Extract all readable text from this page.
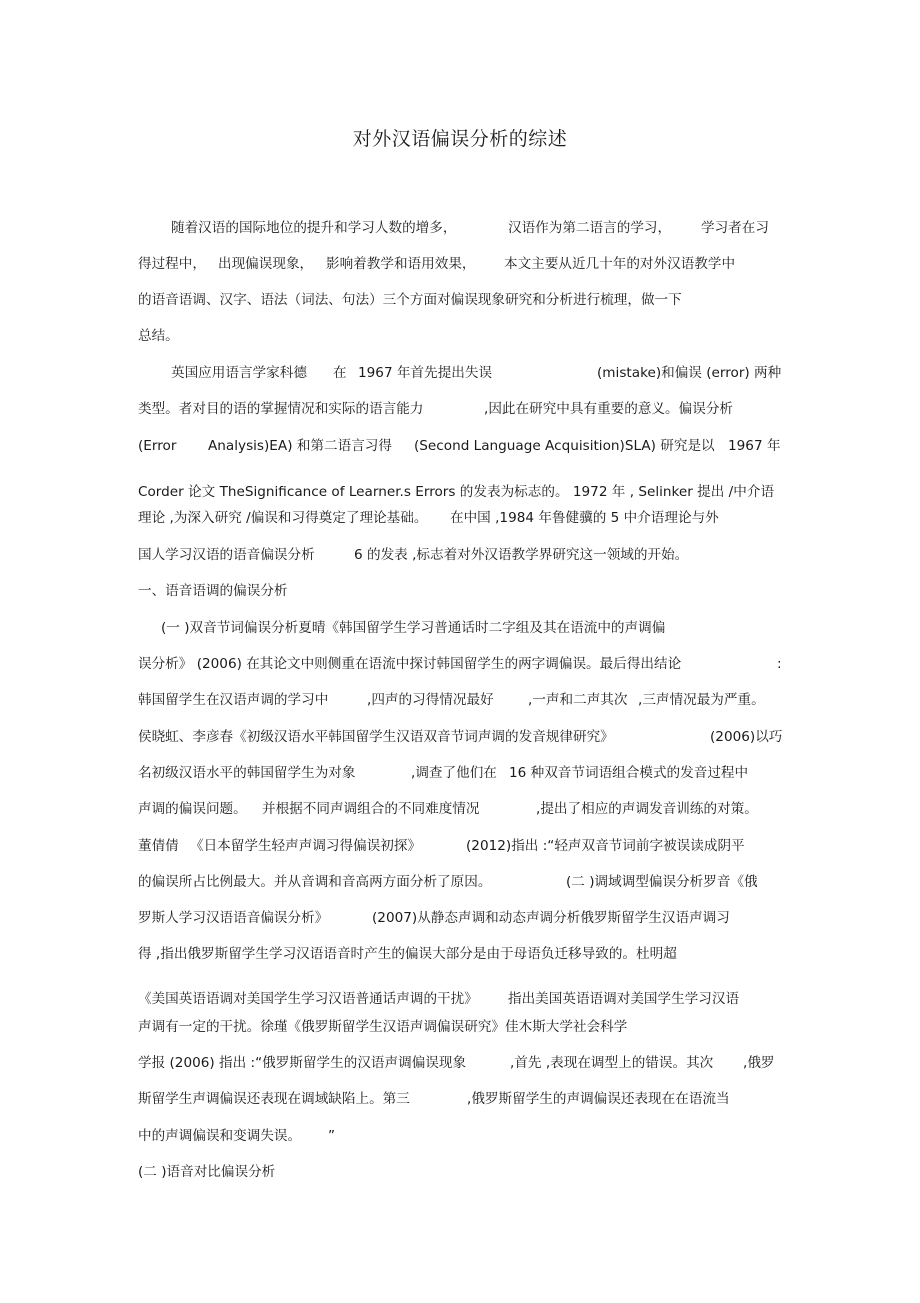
对外汉语偏误分析的综述
随着汉语的国际地位的提升和学习人数的增多，	汉语作为第二语言的学习， 学习者在习
得过程中， 出现偏误现象， 影响着教学和语用效果， 本文主要从近几十年的对外汉语教学中
的语音语调、汉字、语法（词法、句法）三个方面对偏误现象研究和分析进行梳理，做一下
总结。
英国应用语言学家科德 在 1967 年首先提出失误	(mistake)和偏误 (error) 两种
类型。者对目的语的掌握情况和实际的语言能力	,因此在研究中具有重要的意义。偏误分析
(Error Analysis)EA) 和第二语言习得 (Second Language Acquisition)SLA) 研究是以 1967 年
Corder 论文 TheSignificance of Learner.s Errors 的发表为标志的。 1972 年 , Selinker 提出 /中介语
理论 ,为深入研究 /偏误和习得奠定了理论基础。 在中国 ,1984 年鲁健骥的 5 中介语理论与外
国人学习汉语的语音偏误分析	6 的发表 ,标志着对外汉语教学界研究这一领域的开始。
一、语音语调的偏误分析
(一 )双音节词偏误分析夏晴《韩国留学生学习普通话时二字组及其在语流中的声调偏
误分析》 (2006) 在其论文中则侧重在语流中探讨韩国留学生的两字调偏误。最后得出结论	:
韩国留学生在汉语声调的学习中	,四声的习得情况最好	,一声和二声其次 ,三声情况最为严重。
侯晓虹、李彦春《初级汉语水平韩国留学生汉语双音节词声调的发音规律研究》	(2006)以巧
名初级汉语水平的韩国留学生为对象	,调查了他们在 16 种双音节词语组合模式的发音过程中
声调的偏误问题。 并根据不同声调组合的不同难度情况	,提出了相应的声调发音训练的对策。
董倩倩 《日本留学生轻声声调习得偏误初探》	(2012)指出 :“轻声双音节词前字被误读成阴平
的偏误所占比例最大。并从音调和音高两方面分析了原因。	(二 )调域调型偏误分析罗音《俄
罗斯人学习汉语语音偏误分析》	(2007)从静态声调和动态声调分析俄罗斯留学生汉语声调习
得 ,指出俄罗斯留学生学习汉语语音时产生的偏误大部分是由于母语负迁移导致的。杜明超
《美国英语语调对美国学生学习汉语普通话声调的干扰》 指出美国英语语调对美国学生学习汉语
声调有一定的干扰。徐瑾《俄罗斯留学生汉语声调偏误研究》佳木斯大学社会科学
学报 (2006) 指出 :“俄罗斯留学生的汉语声调偏误现象	,首先 ,表现在调型上的错误。其次 ,俄罗
斯留学生声调偏误还表现在调域缺陷上。第三	,俄罗斯留学生的声调偏误还表现在在语流当
中的声调偏误和变调失误。 ”
(二 )语音对比偏误分析
